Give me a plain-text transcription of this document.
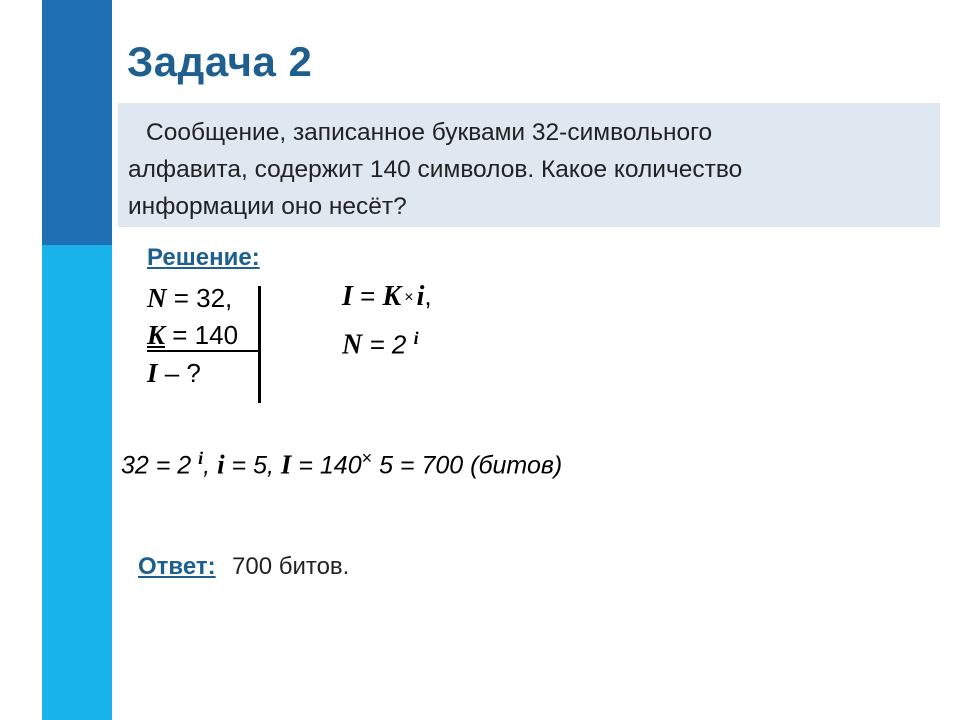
Задача 2
Сообщение, записанное буквами 32-символьного
алфавита, содержит 140 символов. Какое количество
информации оно несёт?
Решение:
N = 32,
K = 140
I – ?
I = K × i,
N = 2 $^i$
32 = 2 $^i$, i = 5, I = 140× 5 = 700 (битов)
Ответ: 700 битов.
